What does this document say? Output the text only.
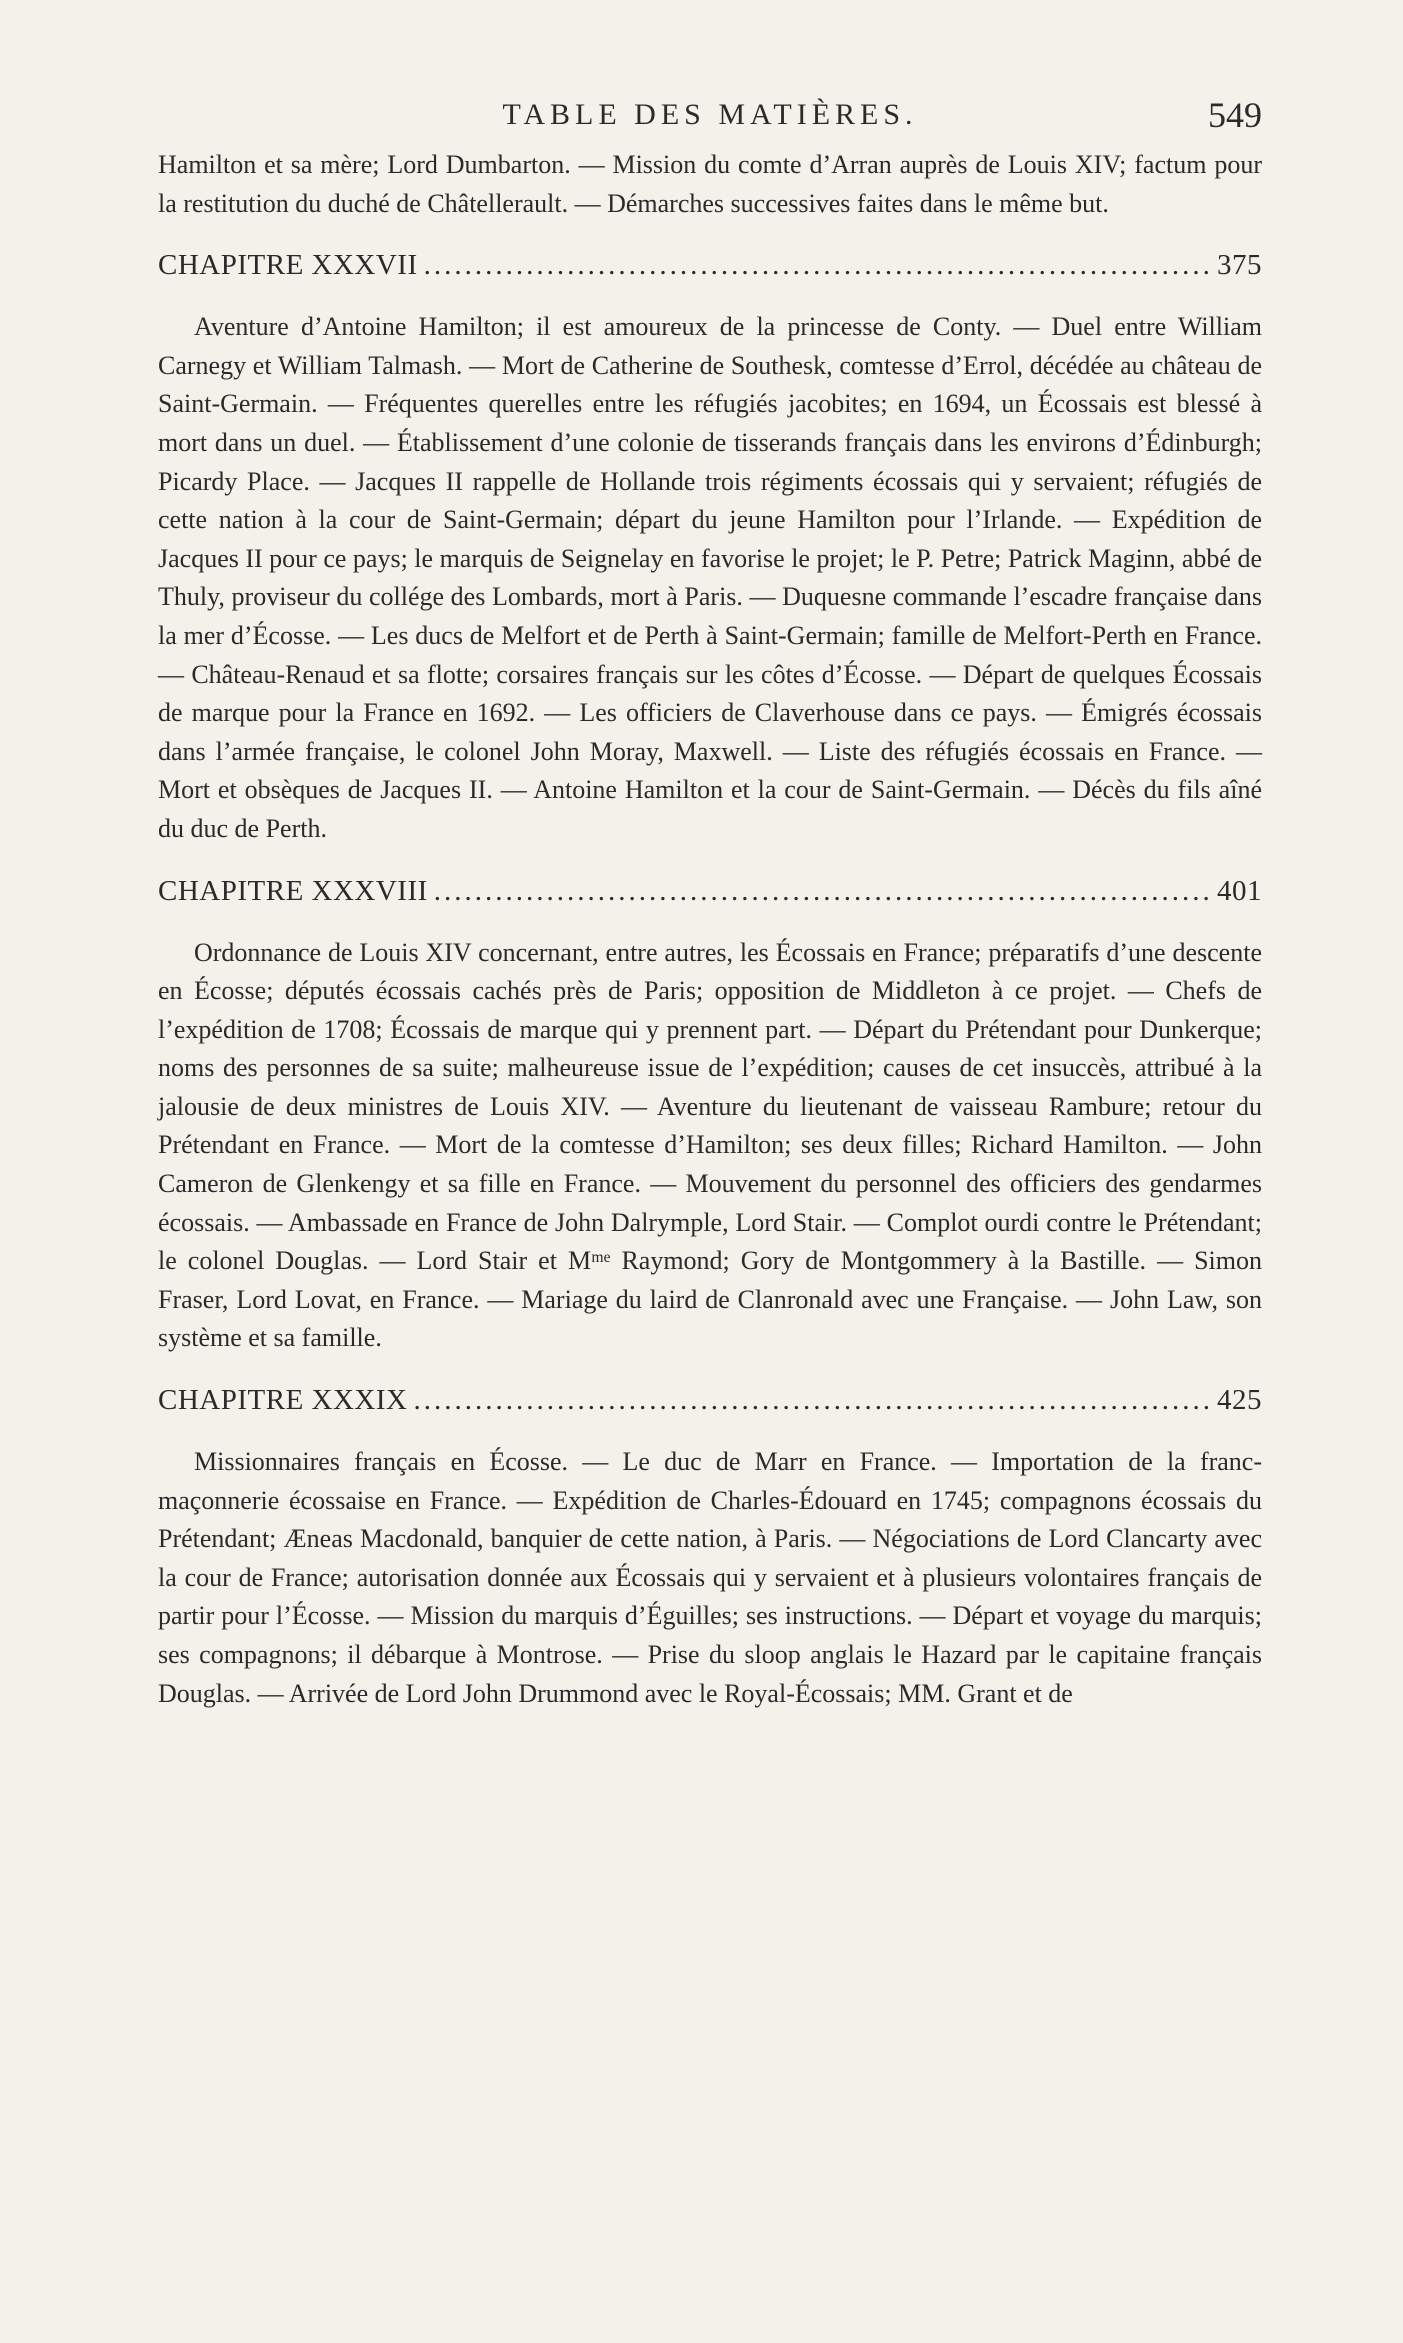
TABLE DES MATIÈRES.	549

Hamilton et sa mère; Lord Dumbarton. — Mission du comte d’Arran auprès de Louis XIV; factum pour la restitution du duché de Châtellerault. — Démarches successives faites dans le même but.

CHAPITRE XXXVII .....	375

Aventure d’Antoine Hamilton; il est amoureux de la princesse de Conty. — Duel entre William Carnegy et William Talmash. — Mort de Catherine de Southesk, comtesse d’Errol, décédée au château de Saint-Germain. — Fréquentes querelles entre les réfugiés jacobites; en 1694, un Écossais est blessé à mort dans un duel. — Établissement d’une colonie de tisserands français dans les environs d’Édinburgh; Picardy Place. — Jacques II rappelle de Hollande trois régiments écossais qui y servaient; réfugiés de cette nation à la cour de Saint-Germain; départ du jeune Hamilton pour l’Irlande. — Expédition de Jacques II pour ce pays; le marquis de Seignelay en favorise le projet; le P. Petre; Patrick Maginn, abbé de Thuly, proviseur du collége des Lombards, mort à Paris. — Duquesne commande l’escadre française dans la mer d’Écosse. — Les ducs de Melfort et de Perth à Saint-Germain; famille de Melfort-Perth en France. — Château-Renaud et sa flotte; corsaires français sur les côtes d’Écosse. — Départ de quelques Écossais de marque pour la France en 1692. — Les officiers de Claverhouse dans ce pays. — Émigrés écossais dans l’armée française, le colonel John Moray, Maxwell. — Liste des réfugiés écossais en France. — Mort et obsèques de Jacques II. — Antoine Hamilton et la cour de Saint-Germain. — Décès du fils aîné du duc de Perth.

CHAPITRE XXXVIII .....	401

Ordonnance de Louis XIV concernant, entre autres, les Écossais en France; préparatifs d’une descente en Écosse; députés écossais cachés près de Paris; opposition de Middleton à ce projet. — Chefs de l’expédition de 1708; Écossais de marque qui y prennent part. — Départ du Prétendant pour Dunkerque; noms des personnes de sa suite; malheureuse issue de l’expédition; causes de cet insuccès, attribué à la jalousie de deux ministres de Louis XIV. — Aventure du lieutenant de vaisseau Rambure; retour du Prétendant en France. — Mort de la comtesse d’Hamilton; ses deux filles; Richard Hamilton. — John Cameron de Glenkengy et sa fille en France. — Mouvement du personnel des officiers des gendarmes écossais. — Ambassade en France de John Dalrymple, Lord Stair. — Complot ourdi contre le Prétendant; le colonel Douglas. — Lord Stair et Mᵐᵉ Raymond; Gory de Montgommery à la Bastille. — Simon Fraser, Lord Lovat, en France. — Mariage du laird de Clanronald avec une Française. — John Law, son système et sa famille.

CHAPITRE XXXIX .....	425

Missionnaires français en Écosse. — Le duc de Marr en France. — Importation de la franc-maçonnerie écossaise en France. — Expédition de Charles-Édouard en 1745; compagnons écossais du Prétendant; Æneas Macdonald, banquier de cette nation, à Paris. — Négociations de Lord Clancarty avec la cour de France; autorisation donnée aux Écossais qui y servaient et à plusieurs volontaires français de partir pour l’Écosse. — Mission du marquis d’Éguilles; ses instructions. — Départ et voyage du marquis; ses compagnons; il débarque à Montrose. — Prise du sloop anglais le Hazard par le capitaine français Douglas. — Arrivée de Lord John Drummond avec le Royal-Écossais; MM. Grant et de
